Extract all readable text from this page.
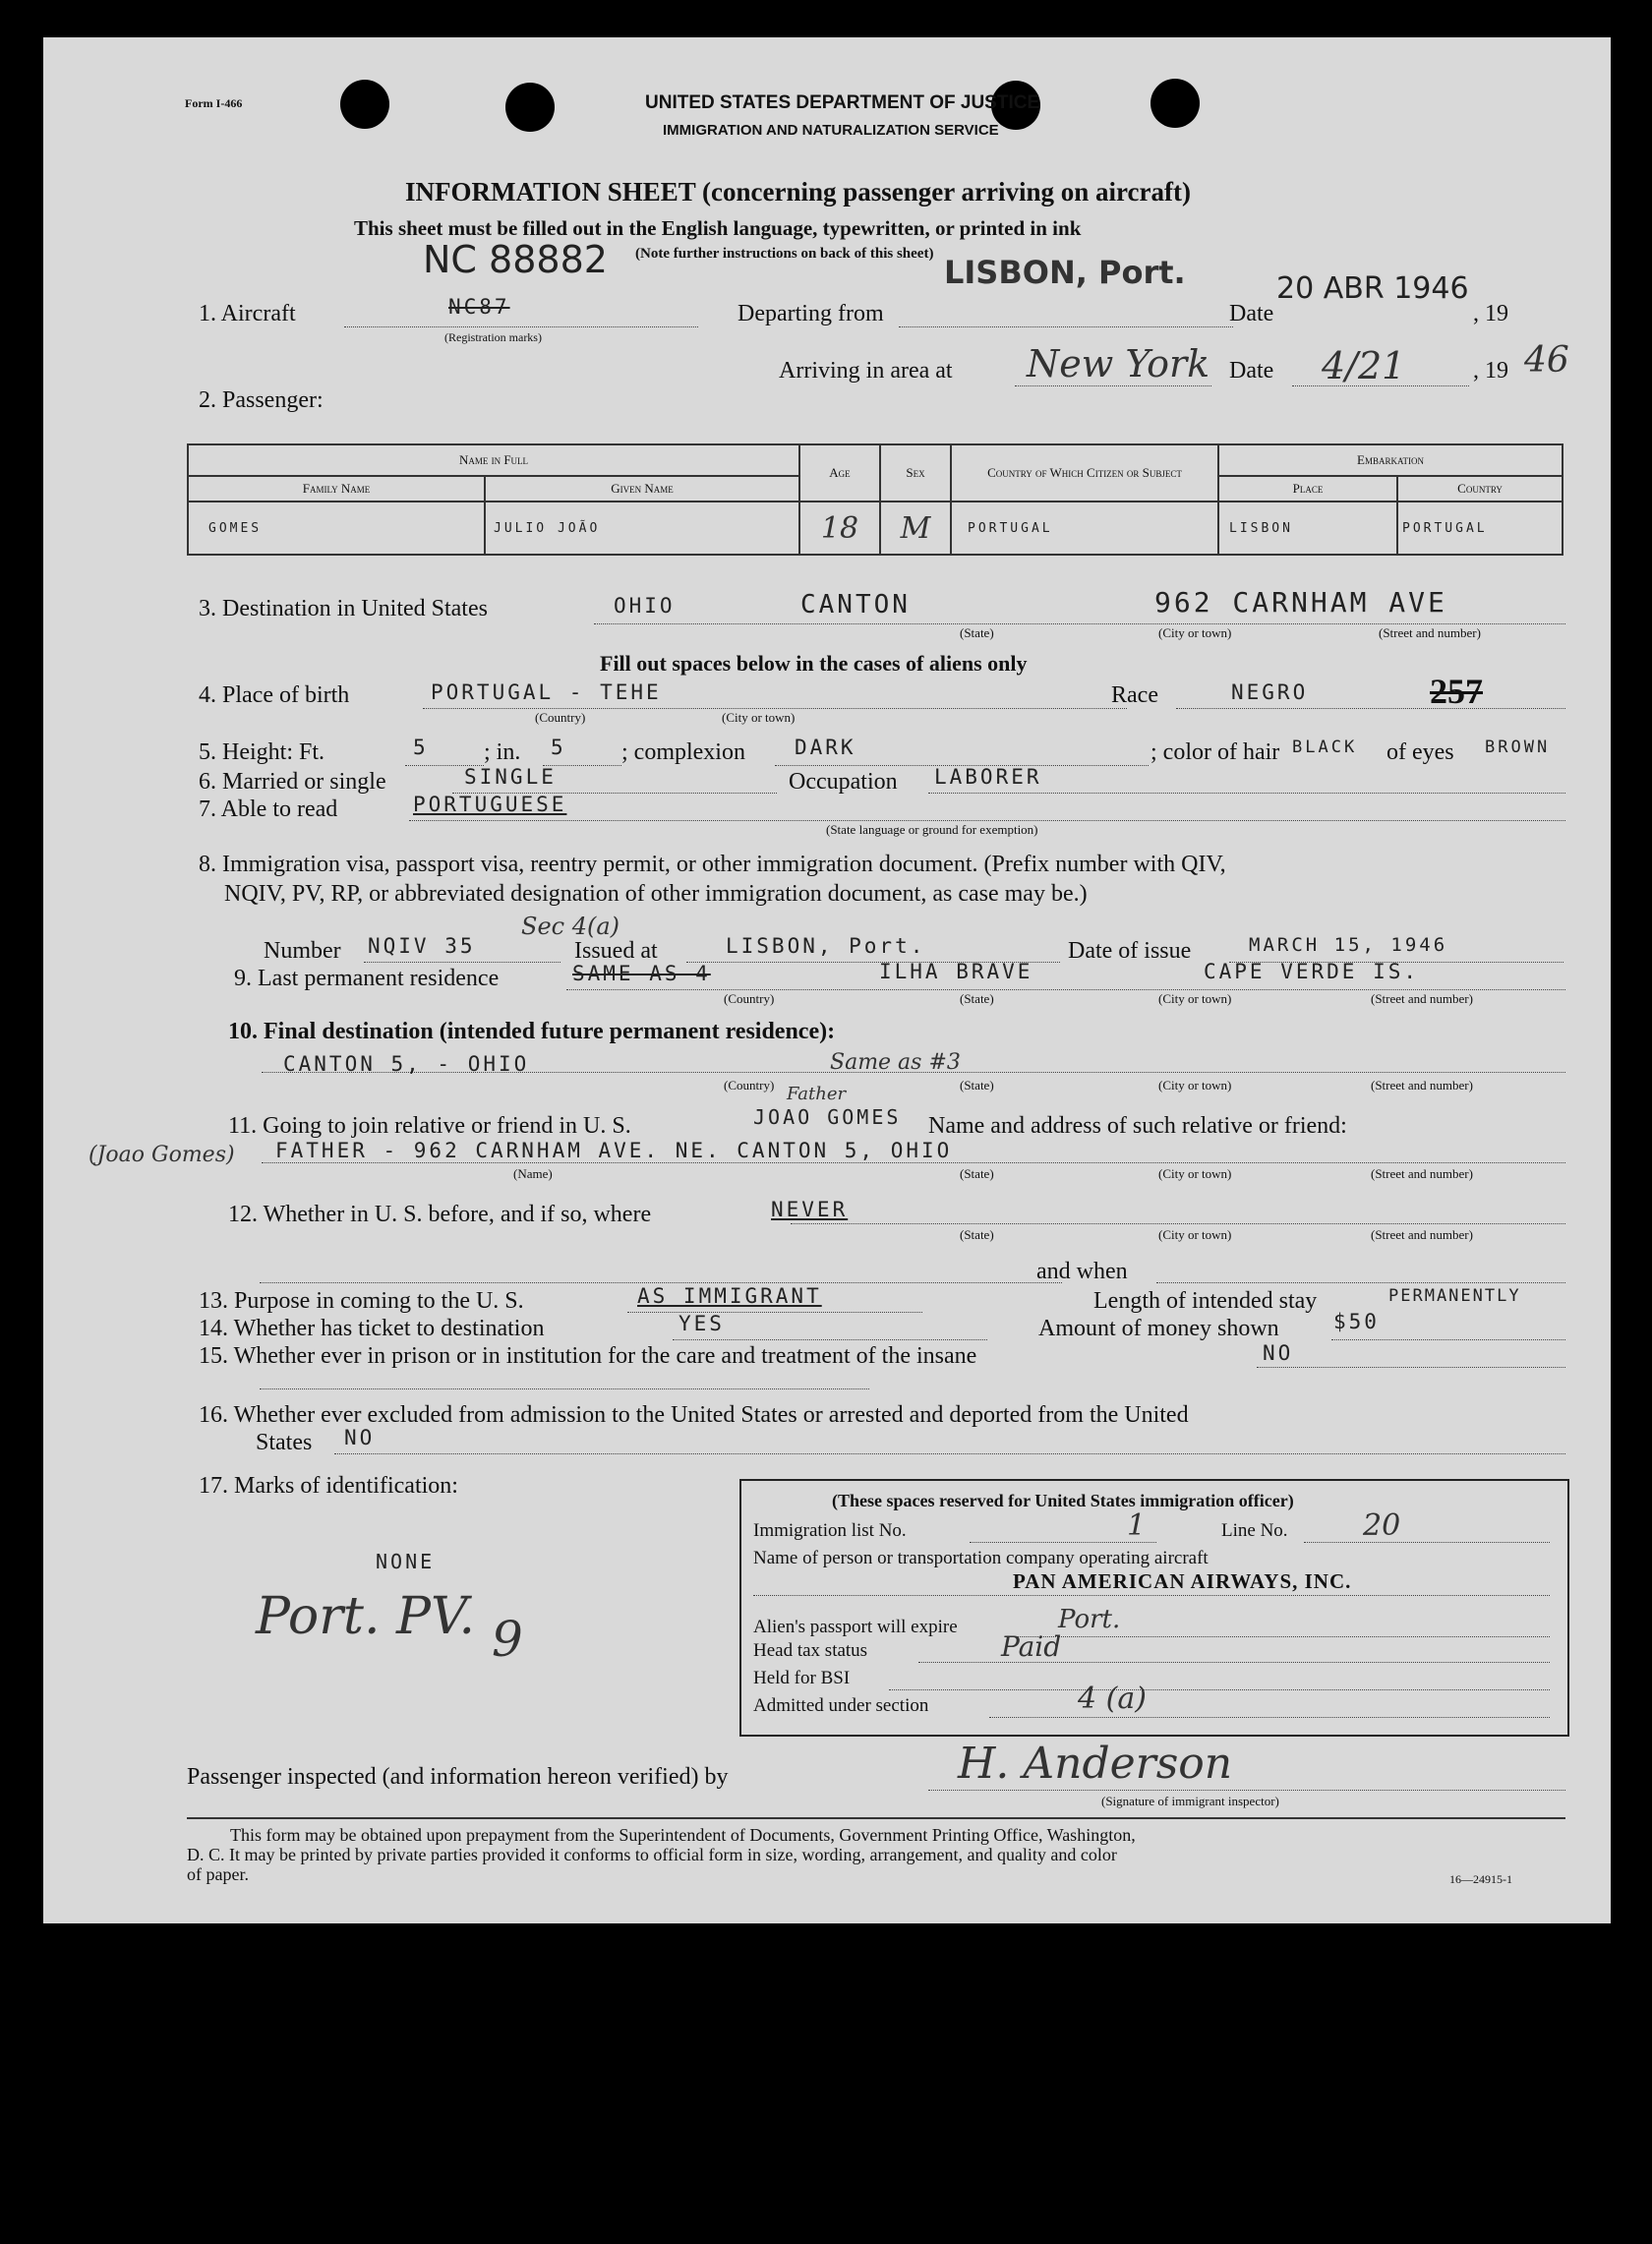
Form I-466	UNITED STATES DEPARTMENT OF JUSTICE
IMMIGRATION AND NATURALIZATION SERVICE
INFORMATION SHEET (concerning passenger arriving on aircraft)
This sheet must be filled out in the English language, typewritten, or printed in ink
(Note further instructions on back of this sheet)
NC 88882
1. Aircraft	NC87
(Registration marks)
Departing from
LISBON, Port.
Date
20 ABR 1946
, 19
Arriving in area at New York Date 4/21	, 19 46
2. Passenger:
Name in Full		Age	Sex	Country of Which Citizen or Subject	Embarkation	
Family Name	Given Name				Place	Country
GOMES	JULIO JOÃO	18	M	PORTUGAL	LISBON	PORTUGAL
3. Destination in United States	OHIO	CANTON	962 CARNHAM AVE
(State)	(City or town)	(Street and number)
Fill out spaces below in the cases of aliens only
4. Place of birth	PORTUGAL - TEHE
(Country)	(City or town)
Race	NEGRO	257
5. Height: Ft.	5 ; in. 5 ; complexion DARK	; color of hair BLACK of eyes BROWN
6. Married or single	SINGLE	Occupation LABORER
7. Able to read	PORTUGUESE
(State language or ground for exemption)
8. Immigration visa, passport visa, reentry permit, or other immigration document. (Prefix number with QIV,
NQIV, PV, RP, or abbreviated designation of other immigration document, as case may be.)
Sec 4(a)
Number NQIV 35	Issued at	LISBON, Port.	Date of issue	MARCH 15, 1946
9. Last permanent residence	SAME AS 4	ILHA BRAVE	CAPE VERDE IS.
(Country)	(State)	(City or town)	(Street and number)
10. Final destination (intended future permanent residence):
CANTON 5, - OHIO	Same as #3
(Country)	(State)	(City or town)	(Street and number)
11. Going to join relative or friend in U. S.	JOAO GOMES
Father
Name and address of such relative or friend:
(Joao Gomes) FATHER - 962 CARNHAM AVE. NE. CANTON 5, OHIO
(Name)	(State)	(City or town)	(Street and number)
12. Whether in U. S. before, and if so, where	NEVER
(State)	(City or town)	(Street and number)
and when
13. Purpose in coming to the U. S.	AS IMMIGRANT	Length of intended stay	PERMANENTLY
14. Whether has ticket to destination	YES	Amount of money shown	$50
15. Whether ever in prison or in institution for the care and treatment of the insane	NO
16. Whether ever excluded from admission to the United States or arrested and deported from the United
States NO
17. Marks of identification:
NONE
Port. PV. 9
(These spaces reserved for United States immigration officer)
Immigration list No.	1	Line No.	20
Name of person or transportation company operating aircraft
PAN AMERICAN AIRWAYS, INC.
Alien's passport will expire	Port.
Head tax status	Paid
Held for BSI
Admitted under section	4 (a)
Passenger inspected (and information hereon verified) by	H. Anderson
(Signature of immigrant inspector)
This form may be obtained upon prepayment from the Superintendent of Documents, Government Printing Office, Washington,
D. C. It may be printed by private parties provided it conforms to official form in size, wording, arrangement, and quality and color
of paper.	16—24915-1
